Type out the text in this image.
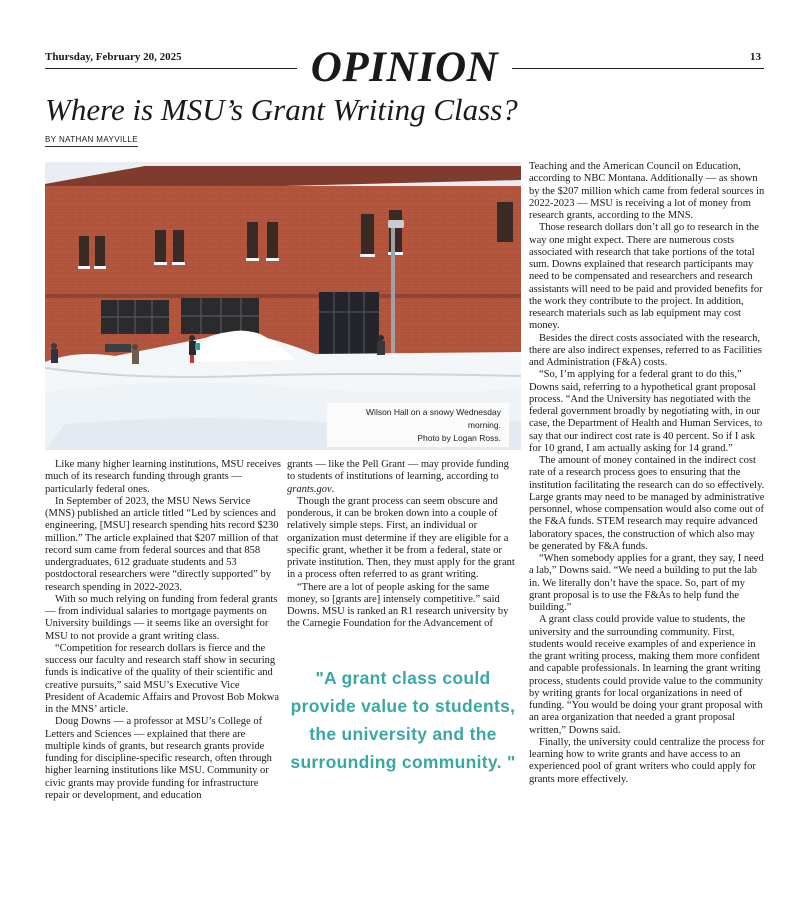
Thursday, February 20, 2025	OPINION	13
Where is MSU’s Grant Writing Class?
BY NATHAN MAYVILLE
Wilson Hall on a snowy Wednesday morning.
Photo by Logan Ross.

Like many higher learning institutions, MSU receives much of its research funding through grants — particularly federal ones.

In September of 2023, the MSU News Service (MNS) published an article titled “Led by sciences and engineering, [MSU] research spending hits record $230 million.” The article explained that $207 million of that record sum came from federal sources and that 858 undergraduates, 612 graduate students and 53 postdoctoral researchers were “directly supported” by research spending in 2022-2023.

With so much relying on funding from federal grants — from individual salaries to mortgage payments on University buildings — it seems like an oversight for MSU to not provide a grant writing class.

“Competition for research dollars is fierce and the success our faculty and research staff show in securing funds is indicative of the quality of their scientific and creative pursuits,” said MSU’s Executive Vice President of Academic Affairs and Provost Bob Mokwa in the MNS’ article.

Doug Downs — a professor at MSU’s College of Letters and Sciences — explained that there are multiple kinds of grants, but research grants provide funding for discipline-specific research, often through higher learning institutions like MSU. Community or civic grants may provide funding for infrastructure repair or development, and education

grants — like the Pell Grant — may provide funding to students of institutions of learning, according to grants.gov.

Though the grant process can seem obscure and ponderous, it can be broken down into a couple of relatively simple steps. First, an individual or organization must determine if they are eligible for a specific grant, whether it be from a federal, state or private institution. Then, they must apply for the grant in a process often referred to as grant writing.

“There are a lot of people asking for the same money, so [grants are] intensely competitive.” said Downs. MSU is ranked an R1 research university by the Carnegie Foundation for the Advancement of

"A grant class could provide value to students, the university and the surrounding community. "

Teaching and the American Council on Education, according to NBC Montana. Additionally — as shown by the $207 million which came from federal sources in 2022-2023 — MSU is receiving a lot of money from research grants, according to the MNS.

Those research dollars don’t all go to research in the way one might expect. There are numerous costs associated with research that take portions of the total sum. Downs explained that research participants may need to be compensated and researchers and research assistants will need to be paid and provided benefits for the work they contribute to the project. In addition, research materials such as lab equipment may cost money.

Besides the direct costs associated with the research, there are also indirect expenses, referred to as Facilities and Administration (F&A) costs.

“So, I’m applying for a federal grant to do this,” Downs said, referring to a hypothetical grant proposal process. “And the University has negotiated with the federal government broadly by negotiating with, in our case, the Department of Health and Human Services, to say that our indirect cost rate is 40 percent. So if I ask for 10 grand, I am actually asking for 14 grand.”

The amount of money contained in the indirect cost rate of a research process goes to ensuring that the institution facilitating the research can do so effectively. Large grants may need to be managed by administrative personnel, whose compensation would also come out of the F&A funds. STEM research may require advanced laboratory spaces, the construction of which also may be generated by F&A funds.

“When somebody applies for a grant, they say, I need a lab,” Downs said. “We need a building to put the lab in. We literally don’t have the space. So, part of my grant proposal is to use the F&As to help fund the building.”

A grant class could provide value to students, the university and the surrounding community. First, students would receive examples of and experience in the grant writing process, making them more confident and capable professionals. In learning the grant writing process, students could provide value to the community by writing grants for local organizations in need of funding. “You would be doing your grant proposal with an area organization that needed a grant proposal written,” Downs said.

Finally, the university could centralize the process for learning how to write grants and have access to an experienced pool of grant writers who could apply for grants more effectively.
